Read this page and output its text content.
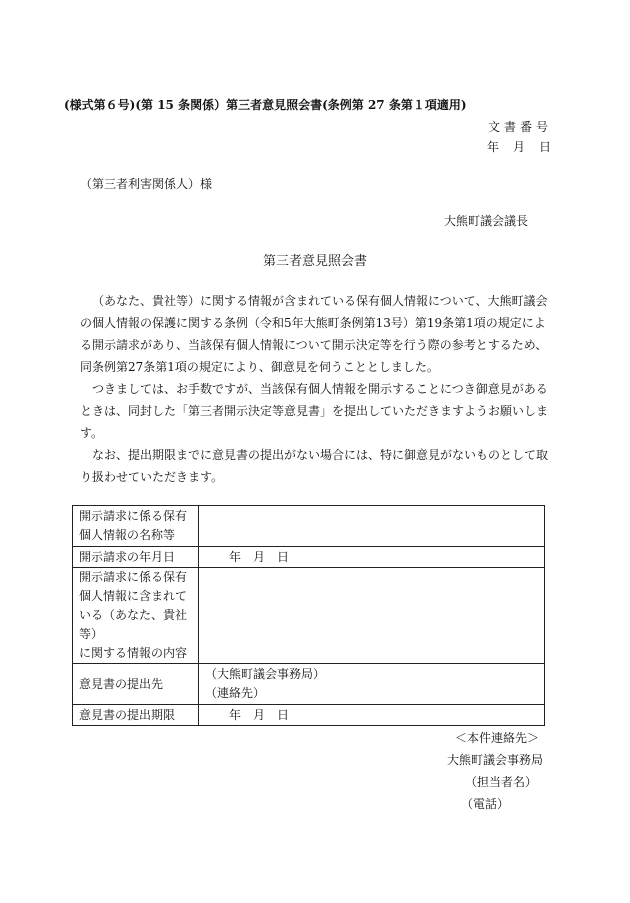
(様式第６号)(第 15 条関係）第三者意見照会書(条例第 27 条第１項適用)
文書番号
年　月　日
（第三者利害関係人）様
大熊町議会議長
第三者意見照会書

（あなた、貴社等）に関する情報が含まれている保有個人情報について、大熊町議会の個人情報の保護に関する条例（令和5年大熊町条例第13号）第19条第1項の規定による開示請求があり、当該保有個人情報について開示決定等を行う際の参考とするため、同条例第27条第1項の規定により、御意見を伺うこととしました。

つきましては、お手数ですが、当該保有個人情報を開示することにつき御意見があるときは、同封した「第三者開示決定等意見書」を提出していただきますようお願いします。

なお、提出期限までに意見書の提出がない場合には、特に御意見がないものとして取り扱わせていただきます。

開示請求に係る保有
個人情報の名称等	

開示請求の年月日	年　月　日

開示請求に係る保有
個人情報に含まれて
いる（あなた、貴社等）
に関する情報の内容	

意見書の提出先	（大熊町議会事務局）
（連絡先）

意見書の提出期限	年　月　日
＜本件連絡先＞
大熊町議会事務局
（担当者名）
（電話）
